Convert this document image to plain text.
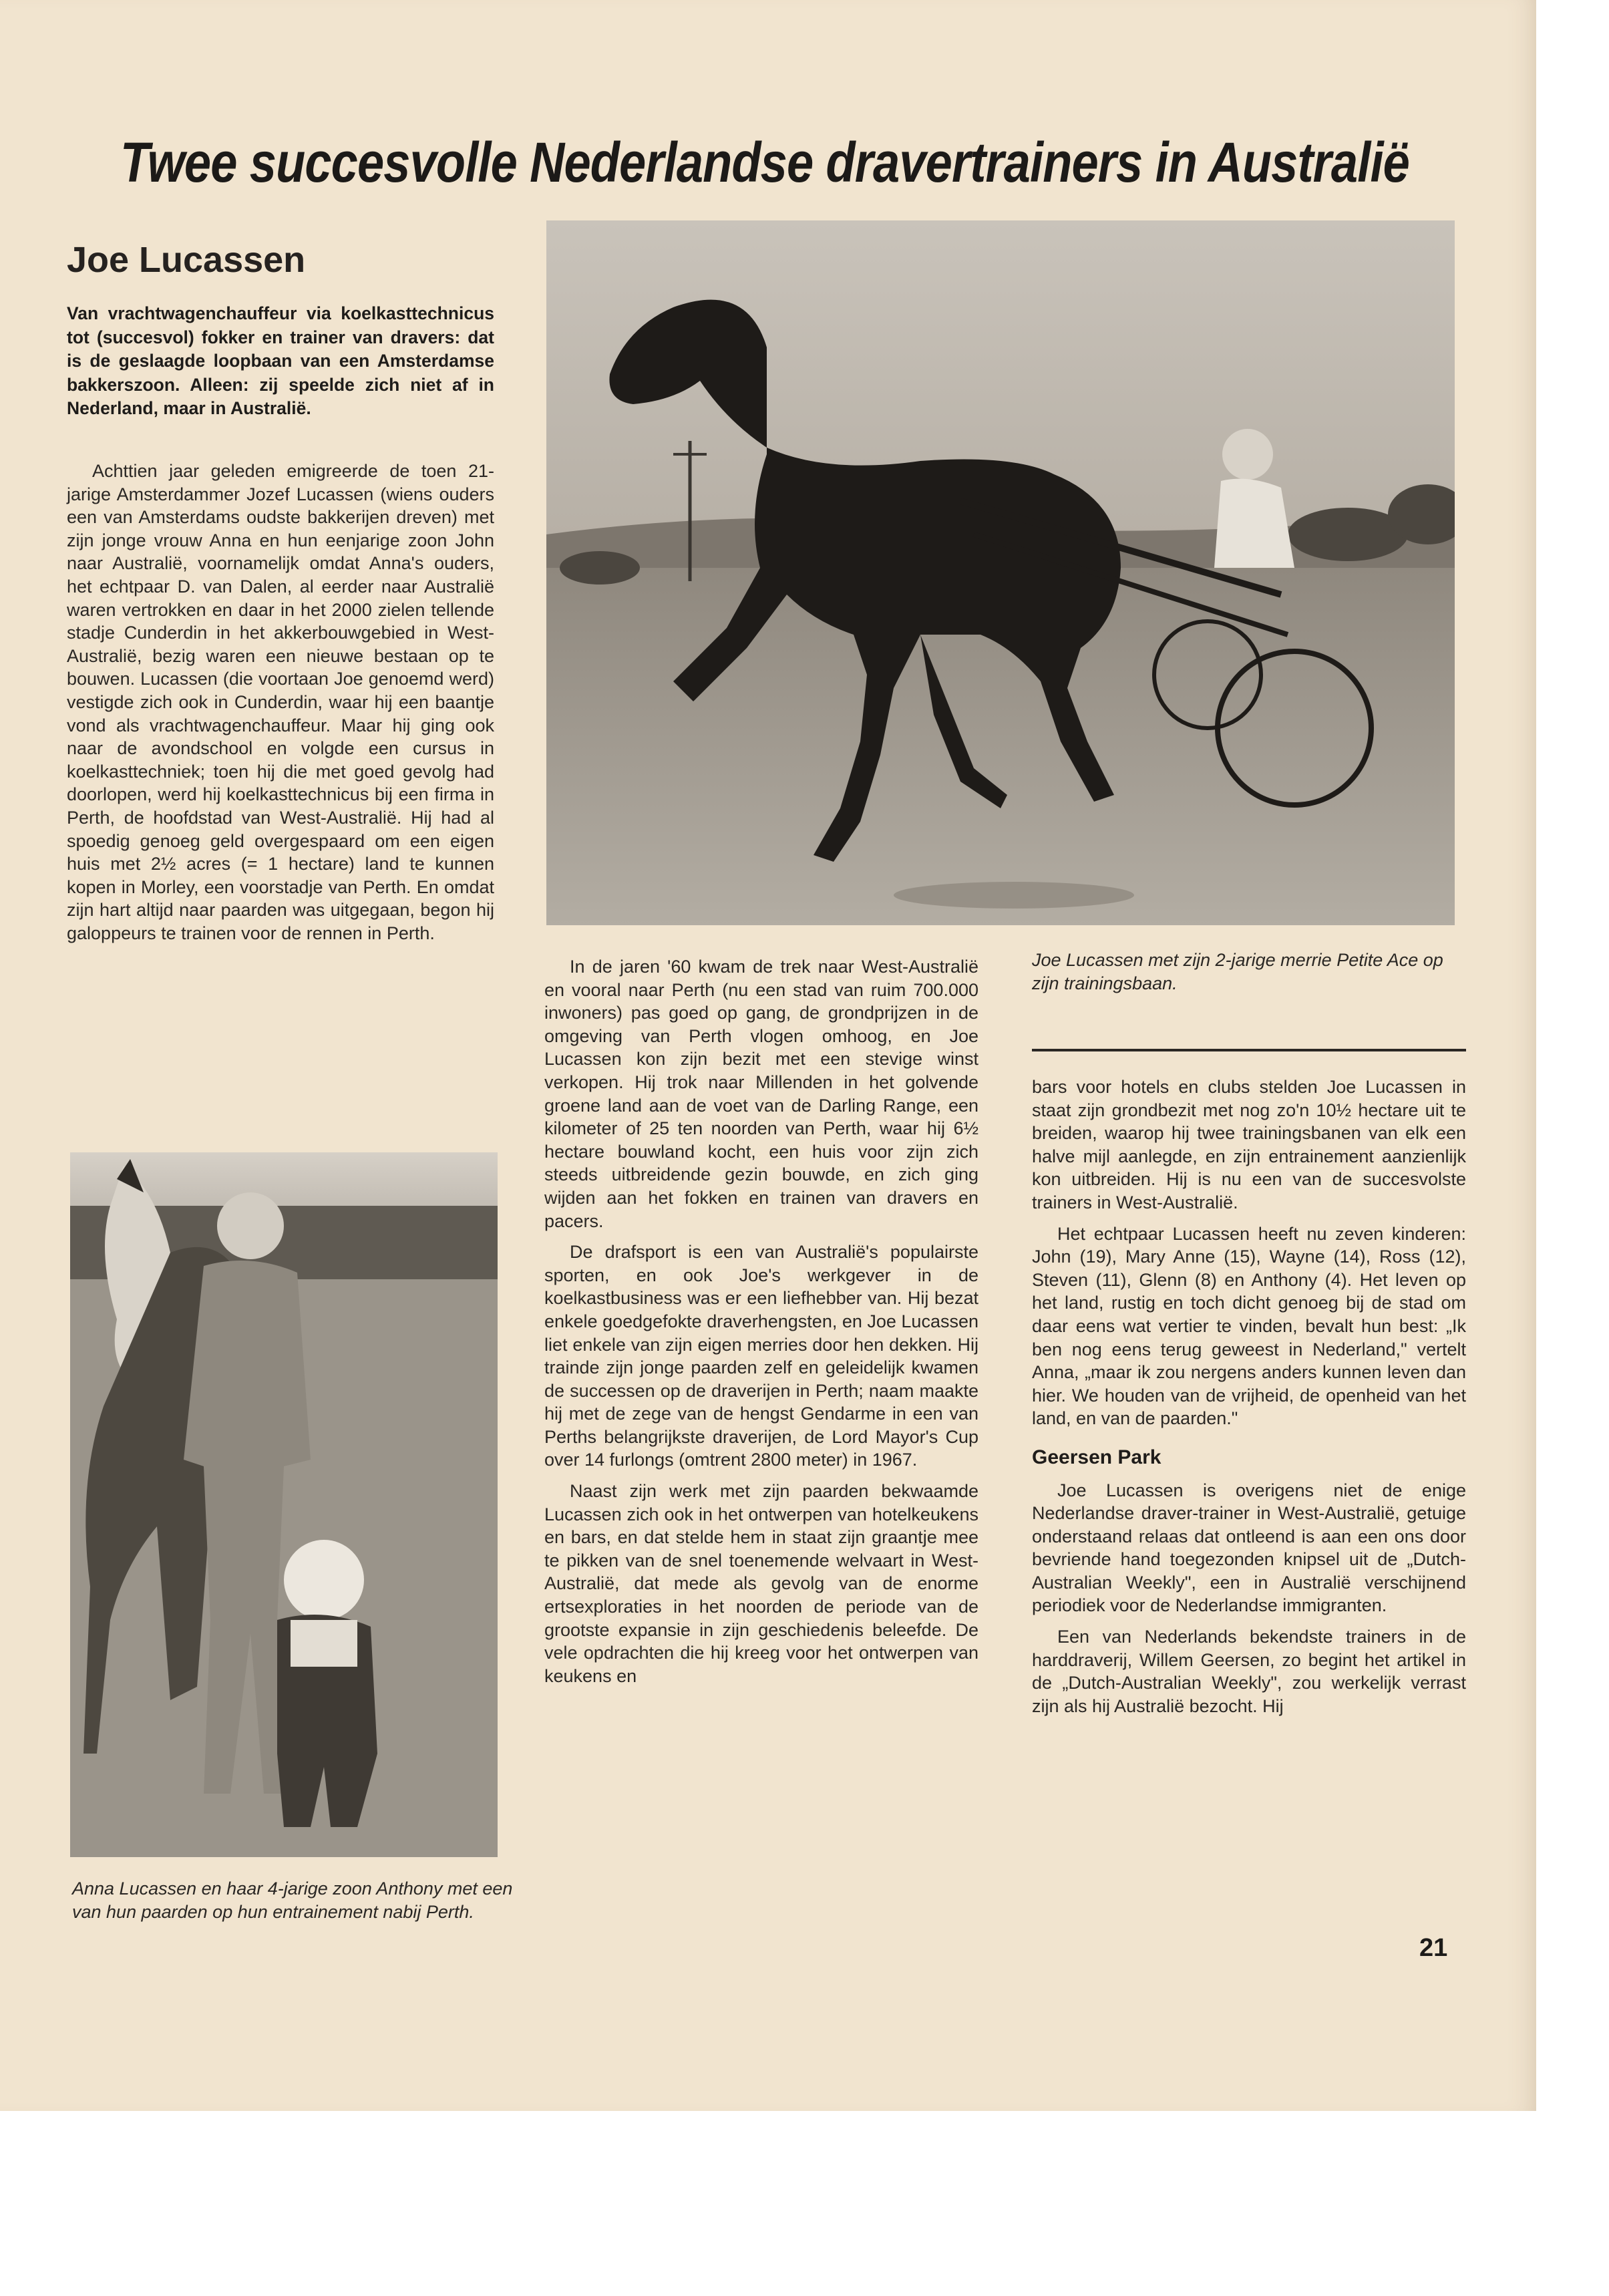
Twee succesvolle Nederlandse dravertrainers in Australië
Joe Lucassen
Van vrachtwagenchauffeur via koelkasttechnicus tot (succesvol) fokker en trainer van dravers: dat is de geslaagde loopbaan van een Amsterdamse bakkerszoon. Alleen: zij speelde zich niet af in Nederland, maar in Australië.

Achttien jaar geleden emigreerde de toen 21-jarige Amsterdammer Jozef Lucassen (wiens ouders een van Amsterdams oudste bakkerijen dreven) met zijn jonge vrouw Anna en hun eenjarige zoon John naar Australië, voornamelijk omdat Anna's ouders, het echtpaar D. van Dalen, al eerder naar Australië waren vertrokken en daar in het 2000 zielen tellende stadje Cunderdin in het akkerbouwgebied in West-Australië, bezig waren een nieuwe bestaan op te bouwen. Lucassen (die voortaan Joe genoemd werd) vestigde zich ook in Cunderdin, waar hij een baantje vond als vrachtwagenchauffeur. Maar hij ging ook naar de avondschool en volgde een cursus in koelkasttechniek; toen hij die met goed gevolg had doorlopen, werd hij koelkasttechnicus bij een firma in Perth, de hoofdstad van West-Australië. Hij had al spoedig genoeg geld overgespaard om een eigen huis met 2½ acres (= 1 hectare) land te kunnen kopen in Morley, een voorstadje van Perth. En omdat zijn hart altijd naar paarden was uitgegaan, begon hij galoppeurs te trainen voor de rennen in Perth.

Joe Lucassen met zijn 2-jarige merrie Petite Ace op zijn trainingsbaan.

In de jaren '60 kwam de trek naar West-Australië en vooral naar Perth (nu een stad van ruim 700.000 inwoners) pas goed op gang, de grondprijzen in de omgeving van Perth vlogen omhoog, en Joe Lucassen kon zijn bezit met een stevige winst verkopen. Hij trok naar Millenden in het golvende groene land aan de voet van de Darling Range, een kilometer of 25 ten noorden van Perth, waar hij 6½ hectare bouwland kocht, een huis voor zijn zich steeds uitbreidende gezin bouwde, en zich ging wijden aan het fokken en trainen van dravers en pacers.

De drafsport is een van Australië's populairste sporten, en ook Joe's werkgever in de koelkastbusiness was er een liefhebber van. Hij bezat enkele goedgefokte draverhengsten, en Joe Lucassen liet enkele van zijn eigen merries door hen dekken. Hij trainde zijn jonge paarden zelf en geleidelijk kwamen de successen op de draverijen in Perth; naam maakte hij met de zege van de hengst Gendarme in een van Perths belangrijkste draverijen, de Lord Mayor's Cup over 14 furlongs (omtrent 2800 meter) in 1967.

Naast zijn werk met zijn paarden bekwaamde Lucassen zich ook in het ontwerpen van hotelkeukens en bars, en dat stelde hem in staat zijn graantje mee te pikken van de snel toenemende welvaart in West-Australië, dat mede als gevolg van de enorme ertsexploraties in het noorden de periode van de grootste expansie in zijn geschiedenis beleefde. De vele opdrachten die hij kreeg voor het ontwerpen van keukens en

bars voor hotels en clubs stelden Joe Lucassen in staat zijn grondbezit met nog zo'n 10½ hectare uit te breiden, waarop hij twee trainingsbanen van elk een halve mijl aanlegde, en zijn entrainement aanzienlijk kon uitbreiden. Hij is nu een van de succesvolste trainers in West-Australië.

Het echtpaar Lucassen heeft nu zeven kinderen: John (19), Mary Anne (15), Wayne (14), Ross (12), Steven (11), Glenn (8) en Anthony (4). Het leven op het land, rustig en toch dicht genoeg bij de stad om daar eens wat vertier te vinden, bevalt hun best: „Ik ben nog eens terug geweest in Nederland," vertelt Anna, „maar ik zou nergens anders kunnen leven dan hier. We houden van de vrijheid, de openheid van het land, en van de paarden."

Geersen Park

Joe Lucassen is overigens niet de enige Nederlandse draver-trainer in West-Australië, getuige onderstaand relaas dat ontleend is aan een ons door bevriende hand toegezonden knipsel uit de „Dutch-Australian Weekly", een in Australië verschijnend periodiek voor de Nederlandse immigranten.

Een van Nederlands bekendste trainers in de harddraverij, Willem Geersen, zo begint het artikel in de „Dutch-Australian Weekly", zou werkelijk verrast zijn als hij Australië bezocht. Hij

Anna Lucassen en haar 4-jarige zoon Anthony met een van hun paarden op hun entrainement nabij Perth.
21
